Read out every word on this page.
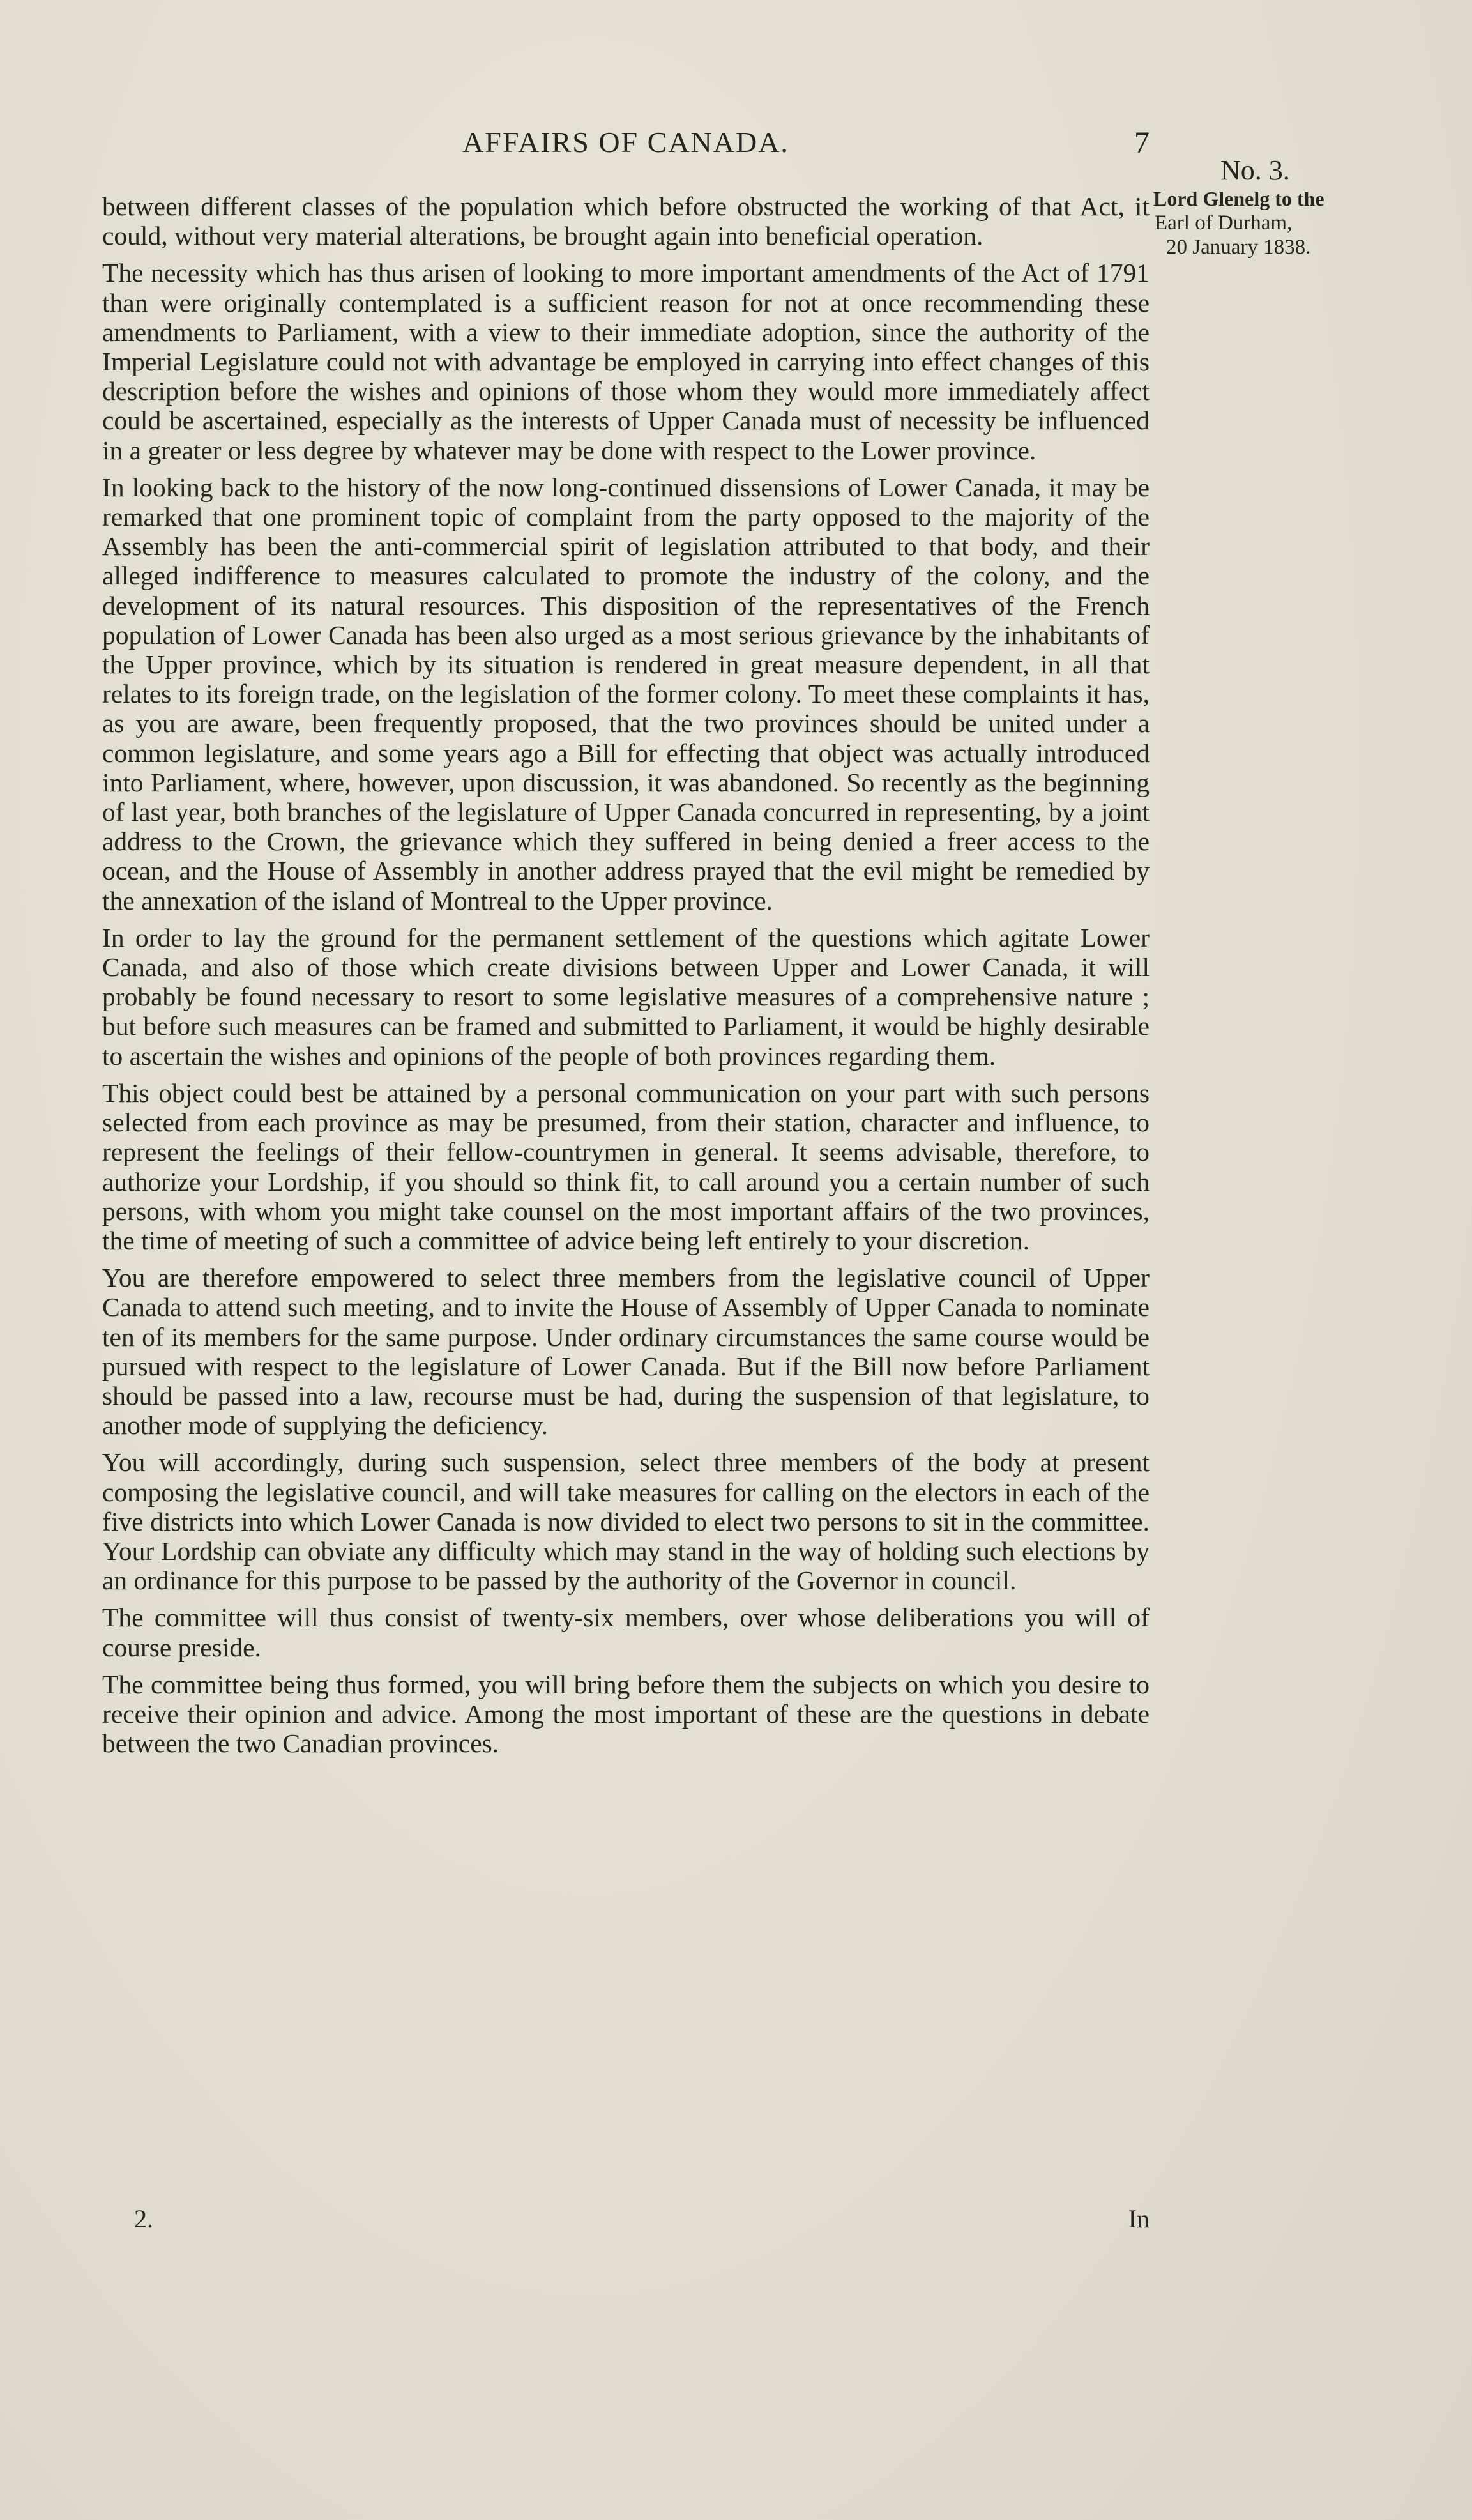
AFFAIRS OF CANADA.	7
No. 3.
Lord Glenelg to the
Earl of Durham,
20 January 1838.

between different classes of the population which before obstructed the working of that Act, it could, without very material alterations, be brought again into beneficial operation.

The necessity which has thus arisen of looking to more important amendments of the Act of 1791 than were originally contemplated is a sufficient reason for not at once recommending these amendments to Parliament, with a view to their immediate adoption, since the authority of the Imperial Legislature could not with advantage be employed in carrying into effect changes of this description before the wishes and opinions of those whom they would more immediately affect could be ascertained, especially as the interests of Upper Canada must of necessity be influenced in a greater or less degree by whatever may be done with respect to the Lower province.

In looking back to the history of the now long-continued dissensions of Lower Canada, it may be remarked that one prominent topic of complaint from the party opposed to the majority of the Assembly has been the anti-commercial spirit of legislation attributed to that body, and their alleged indifference to measures calculated to promote the industry of the colony, and the development of its natural resources. This disposition of the representatives of the French population of Lower Canada has been also urged as a most serious grievance by the inhabitants of the Upper province, which by its situation is rendered in great measure dependent, in all that relates to its foreign trade, on the legislation of the former colony. To meet these complaints it has, as you are aware, been frequently proposed, that the two provinces should be united under a common legislature, and some years ago a Bill for effecting that object was actually introduced into Parliament, where, however, upon discussion, it was abandoned. So recently as the beginning of last year, both branches of the legislature of Upper Canada concurred in representing, by a joint address to the Crown, the grievance which they suffered in being denied a freer access to the ocean, and the House of Assembly in another address prayed that the evil might be remedied by the annexation of the island of Montreal to the Upper province.

In order to lay the ground for the permanent settlement of the questions which agitate Lower Canada, and also of those which create divisions between Upper and Lower Canada, it will probably be found necessary to resort to some legislative measures of a comprehensive nature ; but before such measures can be framed and submitted to Parliament, it would be highly desirable to ascertain the wishes and opinions of the people of both provinces regarding them.

This object could best be attained by a personal communication on your part with such persons selected from each province as may be presumed, from their station, character and influence, to represent the feelings of their fellow-countrymen in general. It seems advisable, therefore, to authorize your Lordship, if you should so think fit, to call around you a certain number of such persons, with whom you might take counsel on the most important affairs of the two provinces, the time of meeting of such a committee of advice being left entirely to your discretion.

You are therefore empowered to select three members from the legislative council of Upper Canada to attend such meeting, and to invite the House of Assembly of Upper Canada to nominate ten of its members for the same purpose. Under ordinary circumstances the same course would be pursued with respect to the legislature of Lower Canada. But if the Bill now before Parliament should be passed into a law, recourse must be had, during the suspension of that legislature, to another mode of supplying the deficiency.

You will accordingly, during such suspension, select three members of the body at present composing the legislative council, and will take measures for calling on the electors in each of the five districts into which Lower Canada is now divided to elect two persons to sit in the committee. Your Lordship can obviate any difficulty which may stand in the way of holding such elections by an ordinance for this purpose to be passed by the authority of the Governor in council.

The committee will thus consist of twenty-six members, over whose deliberations you will of course preside.

The committee being thus formed, you will bring before them the subjects on which you desire to receive their opinion and advice. Among the most important of these are the questions in debate between the two Canadian provinces.

2.	In
